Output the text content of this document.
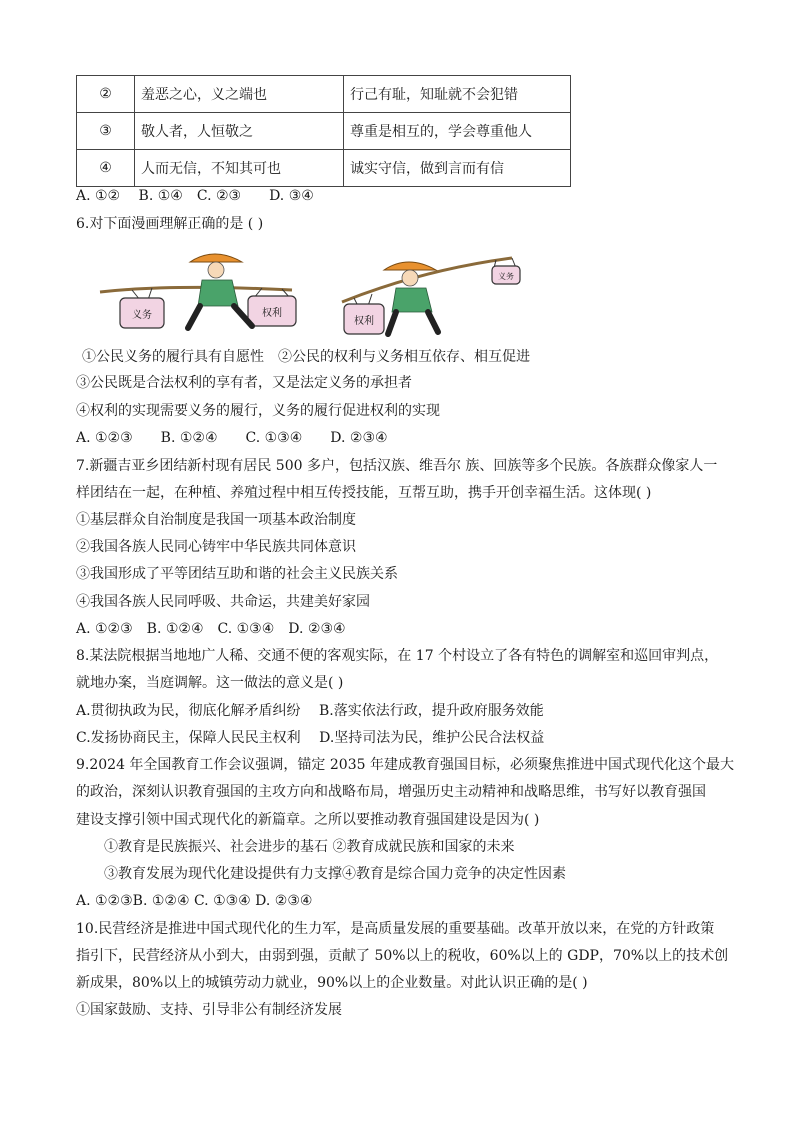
②	羞恶之心，义之端也	行己有耻，知耻就不会犯错
③	敬人者，人恒敬之	尊重是相互的，学会尊重他人
④	人而无信，不知其可也	诚实守信，做到言而有信
A. ①②　 B. ①④　C. ②③　　D. ③④
6.对下面漫画理解正确的是 ( )
义务	权利
权利
义务
①公民义务的履行具有自愿性　②公民的权利与义务相互依存、相互促进
③公民既是合法权利的享有者，又是法定义务的承担者
④权利的实现需要义务的履行，义务的履行促进权利的实现
A. ①②③　　B. ①②④　　C. ①③④　　D. ②③④
7.新疆吉亚乡团结新村现有居民 500 多户，包括汉族、维吾尔 族、回族等多个民族。各族群众像家人一
样团结在一起，在种植、养殖过程中相互传授技能，互帮互助，携手开创幸福生活。这体现( )
①基层群众自治制度是我国一项基本政治制度
②我国各族人民同心铸牢中华民族共同体意识
③我国形成了平等团结互助和谐的社会主义民族关系
④我国各族人民同呼吸、共命运，共建美好家园
A. ①②③　B. ①②④　C. ①③④　D. ②③④
8.某法院根据当地地广人稀、交通不便的客观实际，在 17 个村设立了各有特色的调解室和巡回审判点，
就地办案，当庭调解。这一做法的意义是( )
A.贯彻执政为民，彻底化解矛盾纠纷　 B.落实依法行政，提升政府服务效能
C.发扬协商民主，保障人民民主权利　 D.坚持司法为民，维护公民合法权益
9.2024 年全国教育工作会议强调，锚定 2035 年建成教育强国目标，必须聚焦推进中国式现代化这个最大
的政治，深刻认识教育强国的主攻方向和战略布局，增强历史主动精神和战略思维，书写好以教育强国
建设支撑引领中国式现代化的新篇章。之所以要推动教育强国建设是因为( )
①教育是民族振兴、社会进步的基石 ②教育成就民族和国家的未来
③教育发展为现代化建设提供有力支撑④教育是综合国力竞争的决定性因素
A. ①②③B. ①②④ C. ①③④ D. ②③④
10.民营经济是推进中国式现代化的生力军，是高质量发展的重要基础。改革开放以来，在党的方针政策
指引下，民营经济从小到大，由弱到强，贡献了 50%以上的税收，60%以上的 GDP，70%以上的技术创
新成果，80%以上的城镇劳动力就业，90%以上的企业数量。对此认识正确的是( )
①国家鼓励、支持、引导非公有制经济发展
